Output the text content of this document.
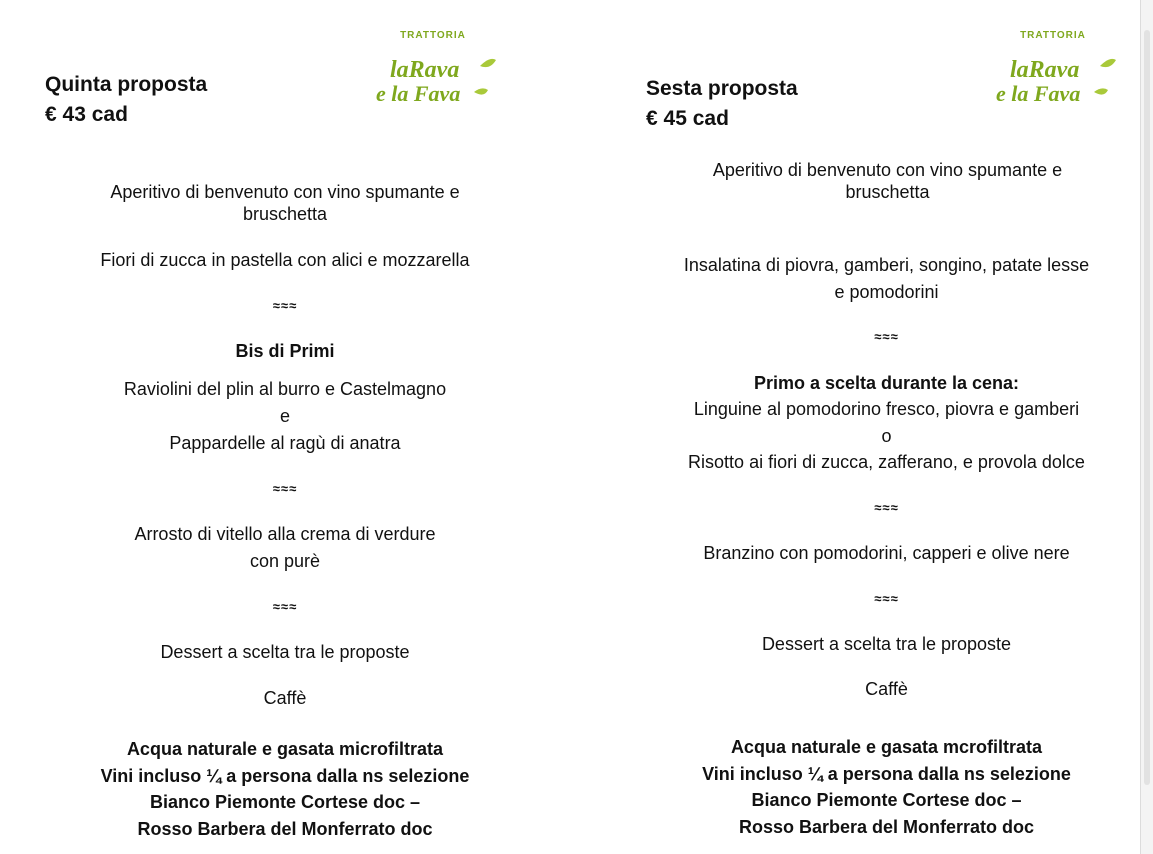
Quinta proposta
€ 43 cad
TRATTORIA
laRava
e la Fava
Aperitivo di benvenuto con vino spumante e
bruschetta
Fiori di zucca in pastella con alici e mozzarella
≈≈≈
Bis di Primi
Raviolini del plin al burro e Castelmagno
e
Pappardelle al ragù di anatra
≈≈≈
Arrosto di vitello alla crema di verdure
con purè
≈≈≈
Dessert a scelta tra le proposte
Caffè
Acqua naturale e gasata microfiltrata
Vini incluso ¼ a persona dalla ns selezione
Bianco Piemonte Cortese doc –
Rosso Barbera del Monferrato doc
Sesta proposta
€ 45 cad
TRATTORIA
laRava
e la Fava
Aperitivo di benvenuto con vino spumante e
bruschetta
Insalatina di piovra, gamberi, songino, patate lesse
e pomodorini
≈≈≈
Primo a scelta durante la cena:
Linguine al pomodorino fresco, piovra e gamberi
o
Risotto ai fiori di zucca, zafferano, e provola dolce
≈≈≈
Branzino con pomodorini, capperi e olive nere
≈≈≈
Dessert a scelta tra le proposte
Caffè
Acqua naturale e gasata mcrofiltrata
Vini incluso ¼ a persona dalla ns selezione
Bianco Piemonte Cortese doc –
Rosso Barbera del Monferrato doc
